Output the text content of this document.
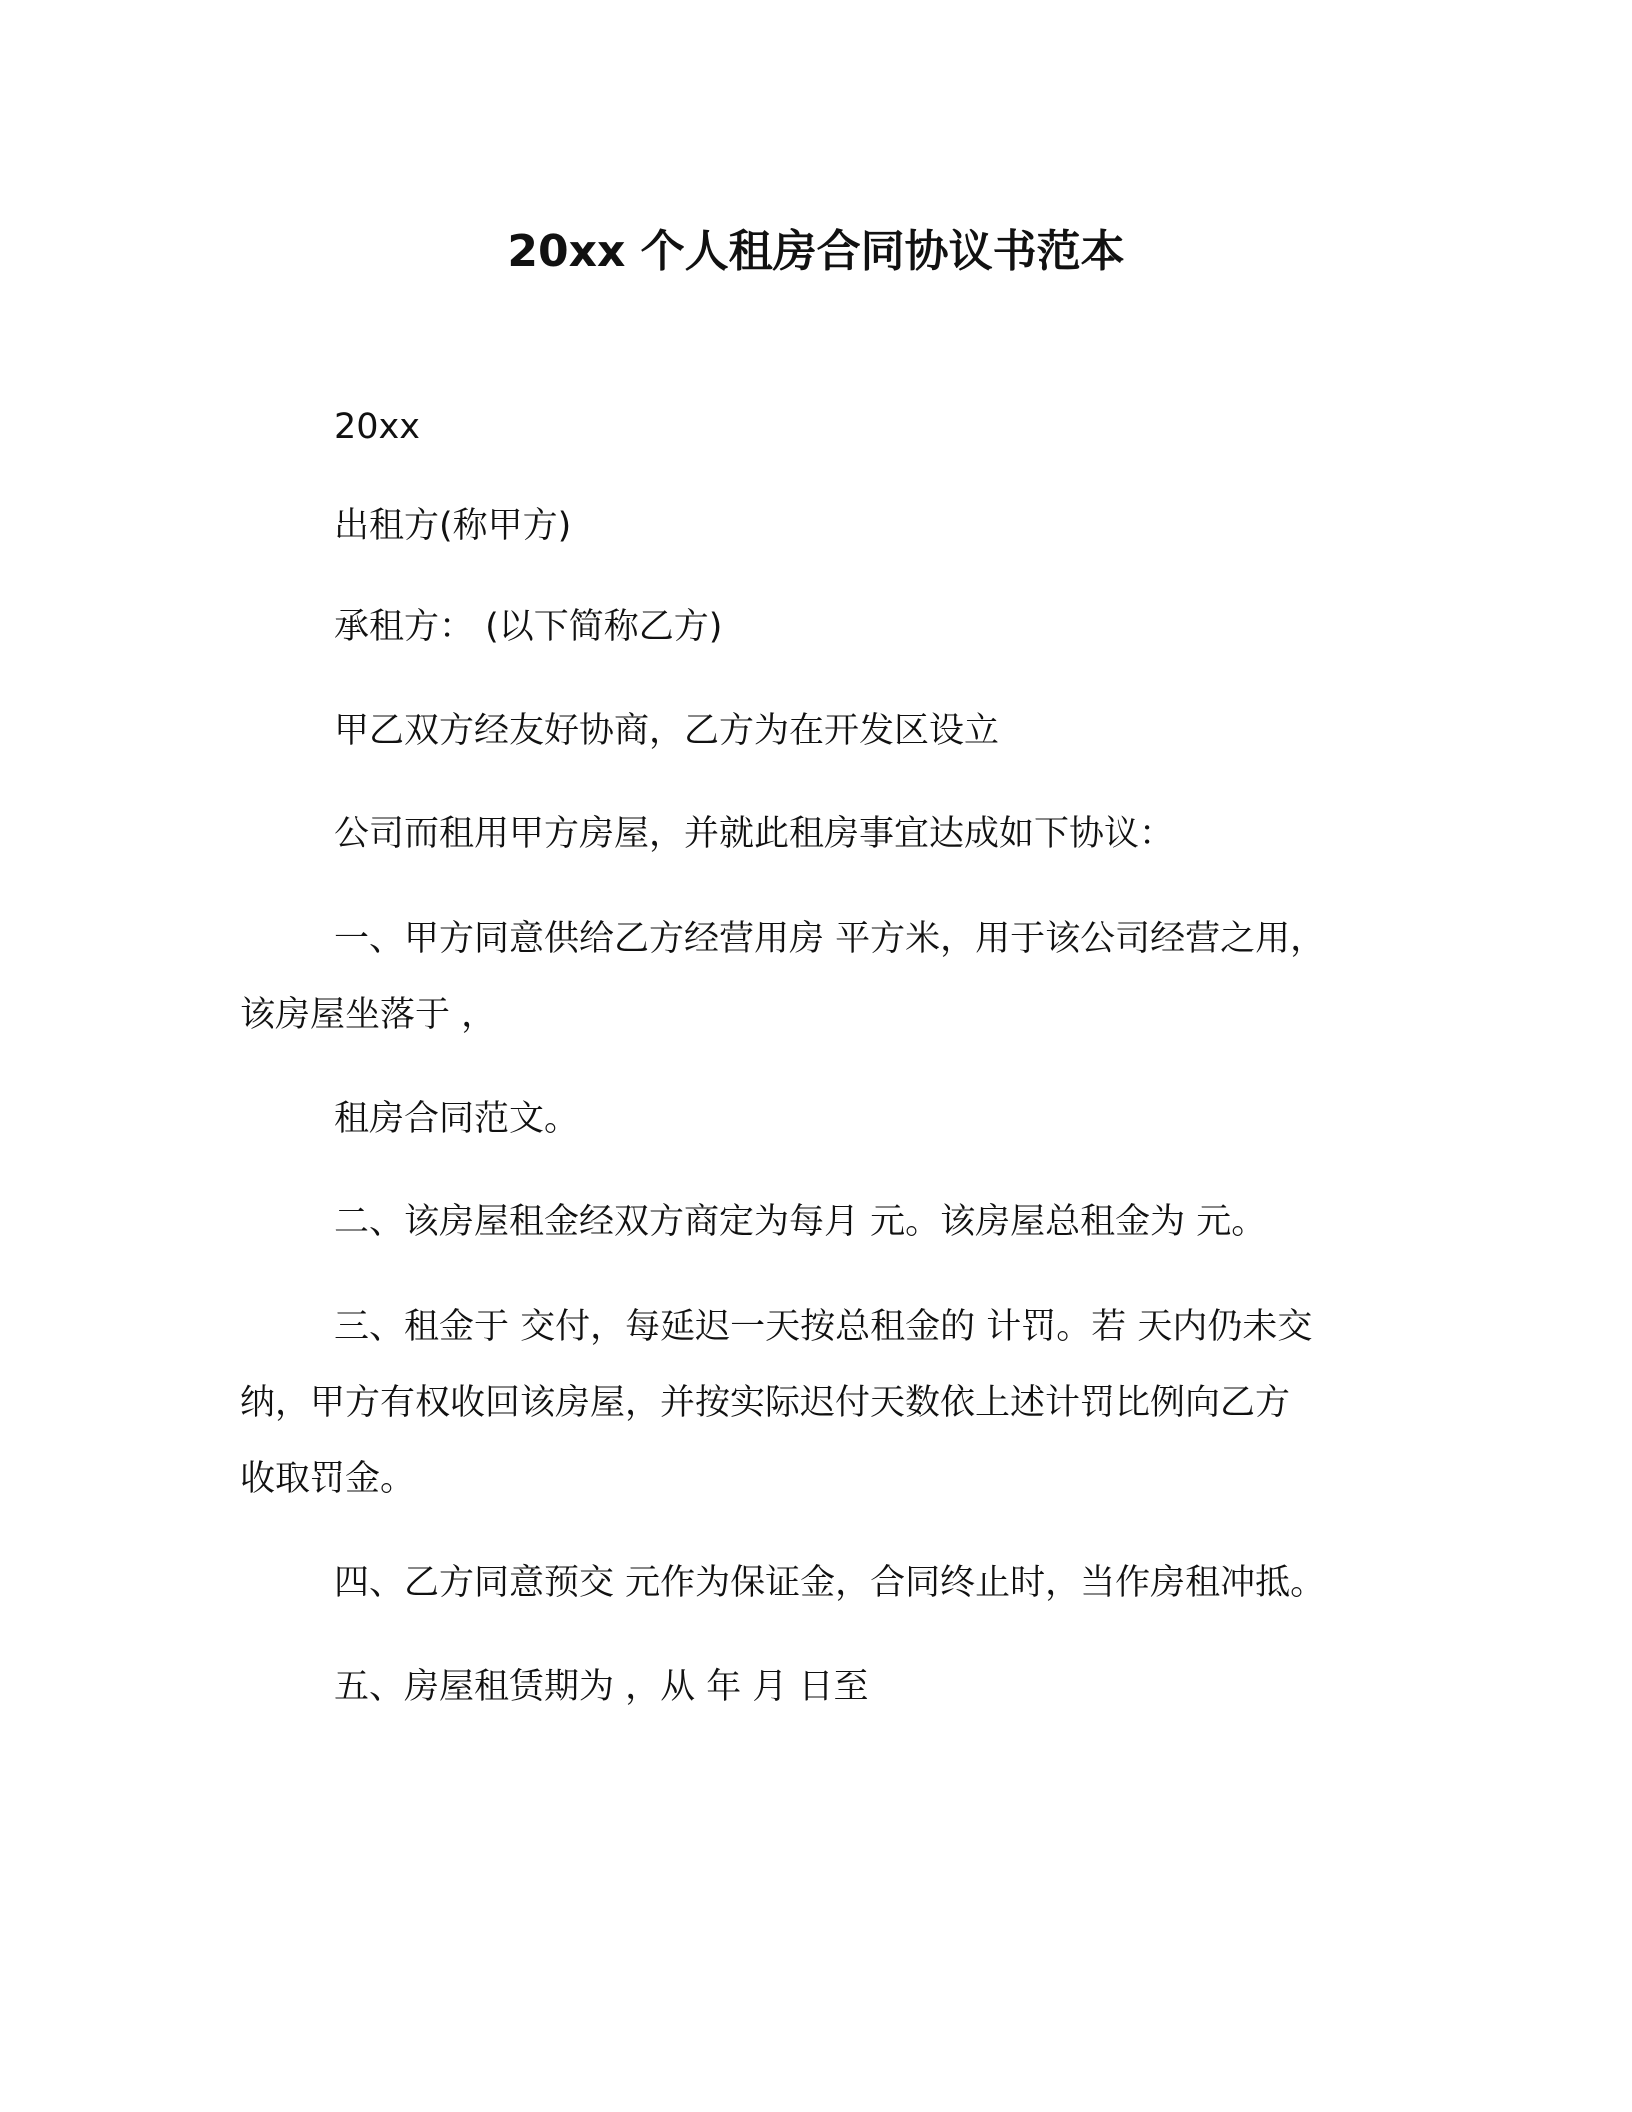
20xx 个人租房合同协议书范本
20xx
出租方(称甲方)
承租方： (以下简称乙方)
甲乙双方经友好协商，乙方为在开发区设立
公司而租用甲方房屋，并就此租房事宜达成如下协议：
一、甲方同意供给乙方经营用房 平方米，用于该公司经营之用，
该房屋坐落于 ，
租房合同范文。
二、该房屋租金经双方商定为每月 元。该房屋总租金为 元。
三、租金于 交付，每延迟一天按总租金的 计罚。若 天内仍未交
纳，甲方有权收回该房屋，并按实际迟付天数依上述计罚比例向乙方
收取罚金。
四、乙方同意预交 元作为保证金，合同终止时，当作房租冲抵。
五、房屋租赁期为 ，从 年 月 日至
